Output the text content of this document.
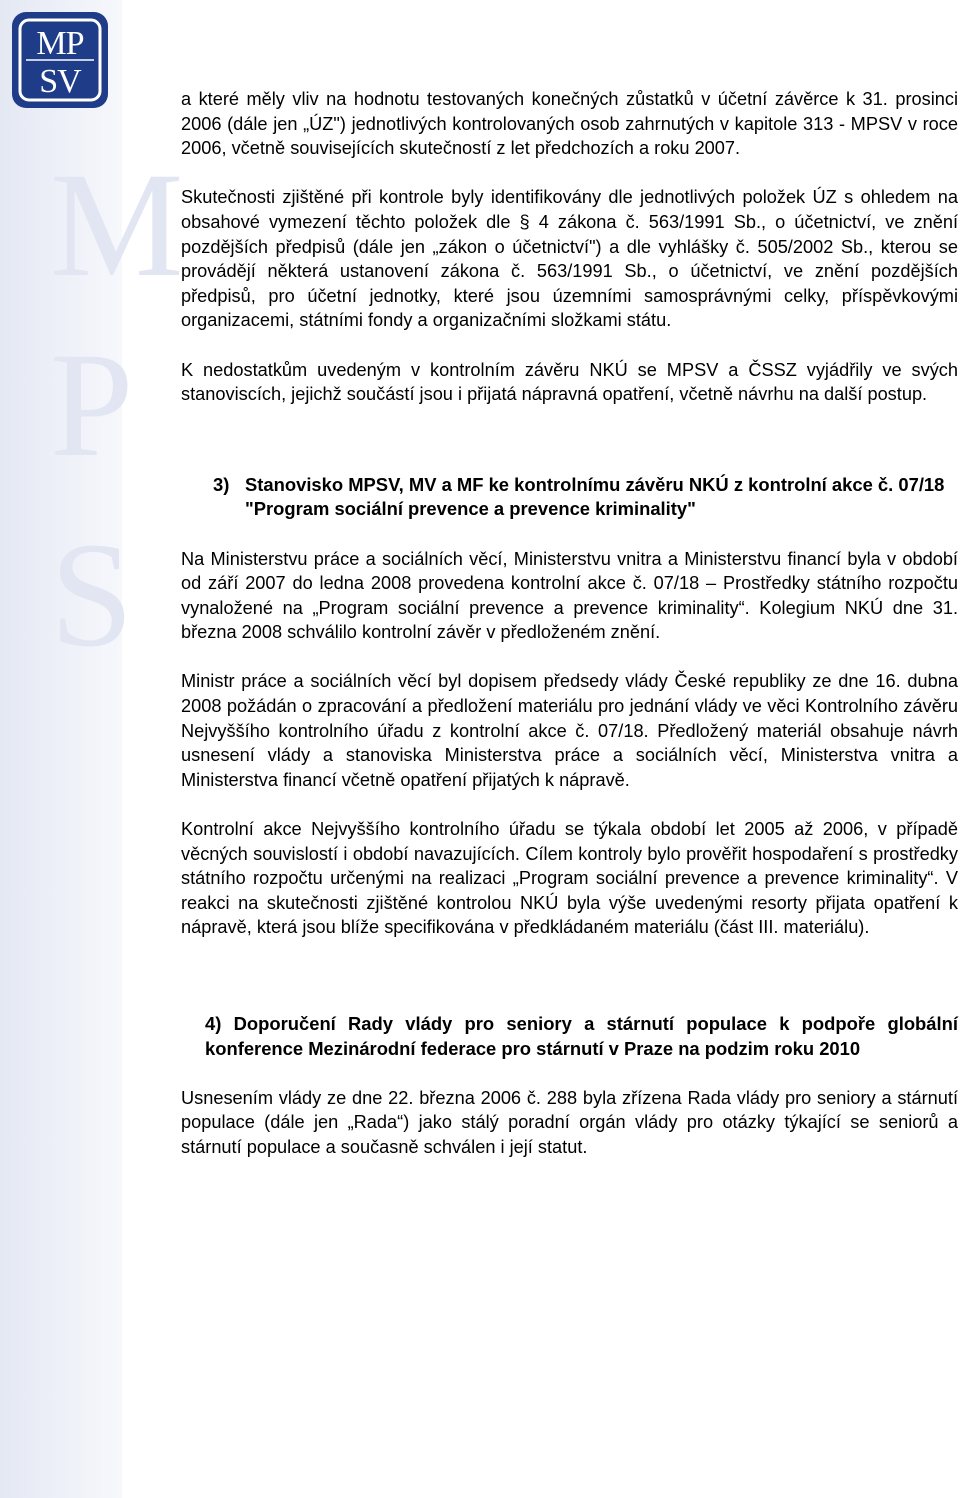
M
P
S
MP
SV	a které měly vliv na hodnotu testovaných konečných zůstatků v účetní závěrce k 31. prosinci 2006 (dále jen „ÚZ") jednotlivých kontrolovaných osob zahrnutých v kapitole 313 - MPSV v roce 2006, včetně souvisejících skutečností z let předchozích a roku 2007.

Skutečnosti zjištěné při kontrole byly identifikovány dle jednotlivých položek ÚZ s ohledem na obsahové vymezení těchto položek dle § 4 zákona č. 563/1991 Sb., o účetnictví, ve znění pozdějších předpisů (dále jen „zákon o účetnictví") a dle vyhlášky č. 505/2002 Sb., kterou se provádějí některá ustanovení zákona č. 563/1991 Sb., o účetnictví, ve znění pozdějších předpisů, pro účetní jednotky, které jsou územními samosprávnými celky, příspěvkovými organizacemi, státními fondy a organizačními složkami státu.

K nedostatkům uvedeným v kontrolním závěru NKÚ se MPSV a ČSSZ vyjádřily ve svých stanoviscích, jejichž součástí jsou i přijatá nápravná opatření, včetně návrhu na další postup.

3) Stanovisko MPSV, MV a MF ke kontrolnímu závěru NKÚ z kontrolní akce č. 07/18 "Program sociální prevence a prevence kriminality"

Na Ministerstvu práce a sociálních věcí, Ministerstvu vnitra a Ministerstvu financí byla v období od září 2007 do ledna 2008 provedena kontrolní akce č. 07/18 – Prostředky státního rozpočtu vynaložené na „Program sociální prevence a prevence kriminality“. Kolegium NKÚ dne 31. března 2008 schválilo kontrolní závěr v předloženém znění.

Ministr práce a sociálních věcí byl dopisem předsedy vlády České republiky ze dne 16. dubna 2008 požádán o zpracování a předložení materiálu pro jednání vlády ve věci Kontrolního závěru Nejvyššího kontrolního úřadu z kontrolní akce č. 07/18. Předložený materiál obsahuje návrh usnesení vlády a stanoviska Ministerstva práce a sociálních věcí, Ministerstva vnitra a Ministerstva financí včetně opatření přijatých k nápravě.

Kontrolní akce Nejvyššího kontrolního úřadu se týkala období let 2005 až 2006, v případě věcných souvislostí i období navazujících. Cílem kontroly bylo prověřit hospodaření s prostředky státního rozpočtu určenými na realizaci „Program sociální prevence a prevence kriminality“. V reakci na skutečnosti zjištěné kontrolou NKÚ byla výše uvedenými resorty přijata opatření k nápravě, která jsou blíže specifikována v předkládaném materiálu (část III. materiálu).

4) Doporučení Rady vlády pro seniory a stárnutí populace k podpoře globální konference Mezinárodní federace pro stárnutí v Praze na podzim roku 2010

Usnesením vlády ze dne 22. března 2006 č. 288 byla zřízena Rada vlády pro seniory a stárnutí populace (dále jen „Rada“) jako stálý poradní orgán vlády pro otázky týkající se seniorů a stárnutí populace a současně schválen i její statut.
